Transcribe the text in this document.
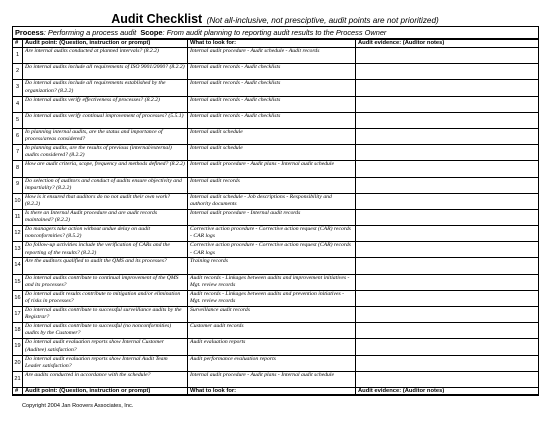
Audit Checklist (Not all-inclusive, not presciptive, audit points are not prioritized)
Process: Performing a process audit Scope: From audit planning to reporting audit results to the Process Owner			
#	Audit point: (Question, instruction or prompt)	What to look for:	Audit evidence: (Auditor notes)
1	Are internal audits conducted at planned intervals? (8.2.2)	Internal audit procedure - Audit schedule - Audit records	
2	Do internal audits include all requirements of ISO 9001/2000? (8.2.2)	Internal audit records - Audit checklists	
3	Do internal audits include all requirements established by the organization? (8.2.2)	Internal audit records - Audit checklists	
4	Do internal audits verify effectiveness of processes? (8.2.2)	Internal audit records - Audit checklists	
5	Do internal audits verify continual improvement of processes? (5.5.1)	Internal audit records - Audit checklists	
6	In planning internal audits, are the status and importance of process/areas considered?	Internal audit schedule	
7	In planning audits, are the results of previous (internal/external) audits considered? (8.2.2)	Internal audit schedule	
8	How are audit criteria, scope, frequency and methods defined? (8.2.2)	Internal audit procedure - Audit plans - Internal audit schedule	
9	Do selection of auditors and conduct of audits ensure objectivity and impartiality? (8.2.2)	Internal audit records	
10	How is it ensured that auditors do no not audit their own work? (8.2.2)	Internal audit schedule - Job descriptions - Responsibility and authority documents	
11	Is there an Internal Audit procedure and are audit records maintained? (8.2.2)	Internal audit procedure - Internal audit records	
12	Do managers take action without undue delay on audit nonconformities? (8.5.2)	Corrective action procedure - Corrective action request (CAR) records - CAR logs	
13	Do follow-up activities include the verification of CARs and the reporting of the results? (8.2.2)	Corrective action procedure - Corrective action request (CAR) records - CAR logs	
14	Are the auditors qualified to audit the QMS and its processes?	Training records	
15	Do internal audits contribute to continual improvement of the QMS and its processes?	Audit records - Linkages between audits and improvement initiatives - Mgt. review records	
16	Do internal audit results contribute to mitigation and/or elimination of risks in processes?	Audit records - Linkages between audits and prevention initiatives - Mgt. review records	
17	Do internal audits contribute to successful surveillance audits by the Registrar?	Surveillance audit records	
18	Do internal audits contribute to successful (no nonconformities) audits by the Customer?	Customer audit records	
19	Do internal audit evaluation reports show Internal Customer (Auditee) satisfaction?	Audit evaluation reports	
20	Do internal audit evaluation reports show Internal Audit Team Leader satisfaction?	Audit performance evaluation reports	
21	Are audits conducted in accordance with the schedule?	Internal audit procedure - Audit plans - Internal audit schedule	
#	Audit point: (Question, instruction or prompt)	What to look for:	Audit evidence: (Auditor notes)
Copyright 2004 Jan Roovers Associates, Inc.
